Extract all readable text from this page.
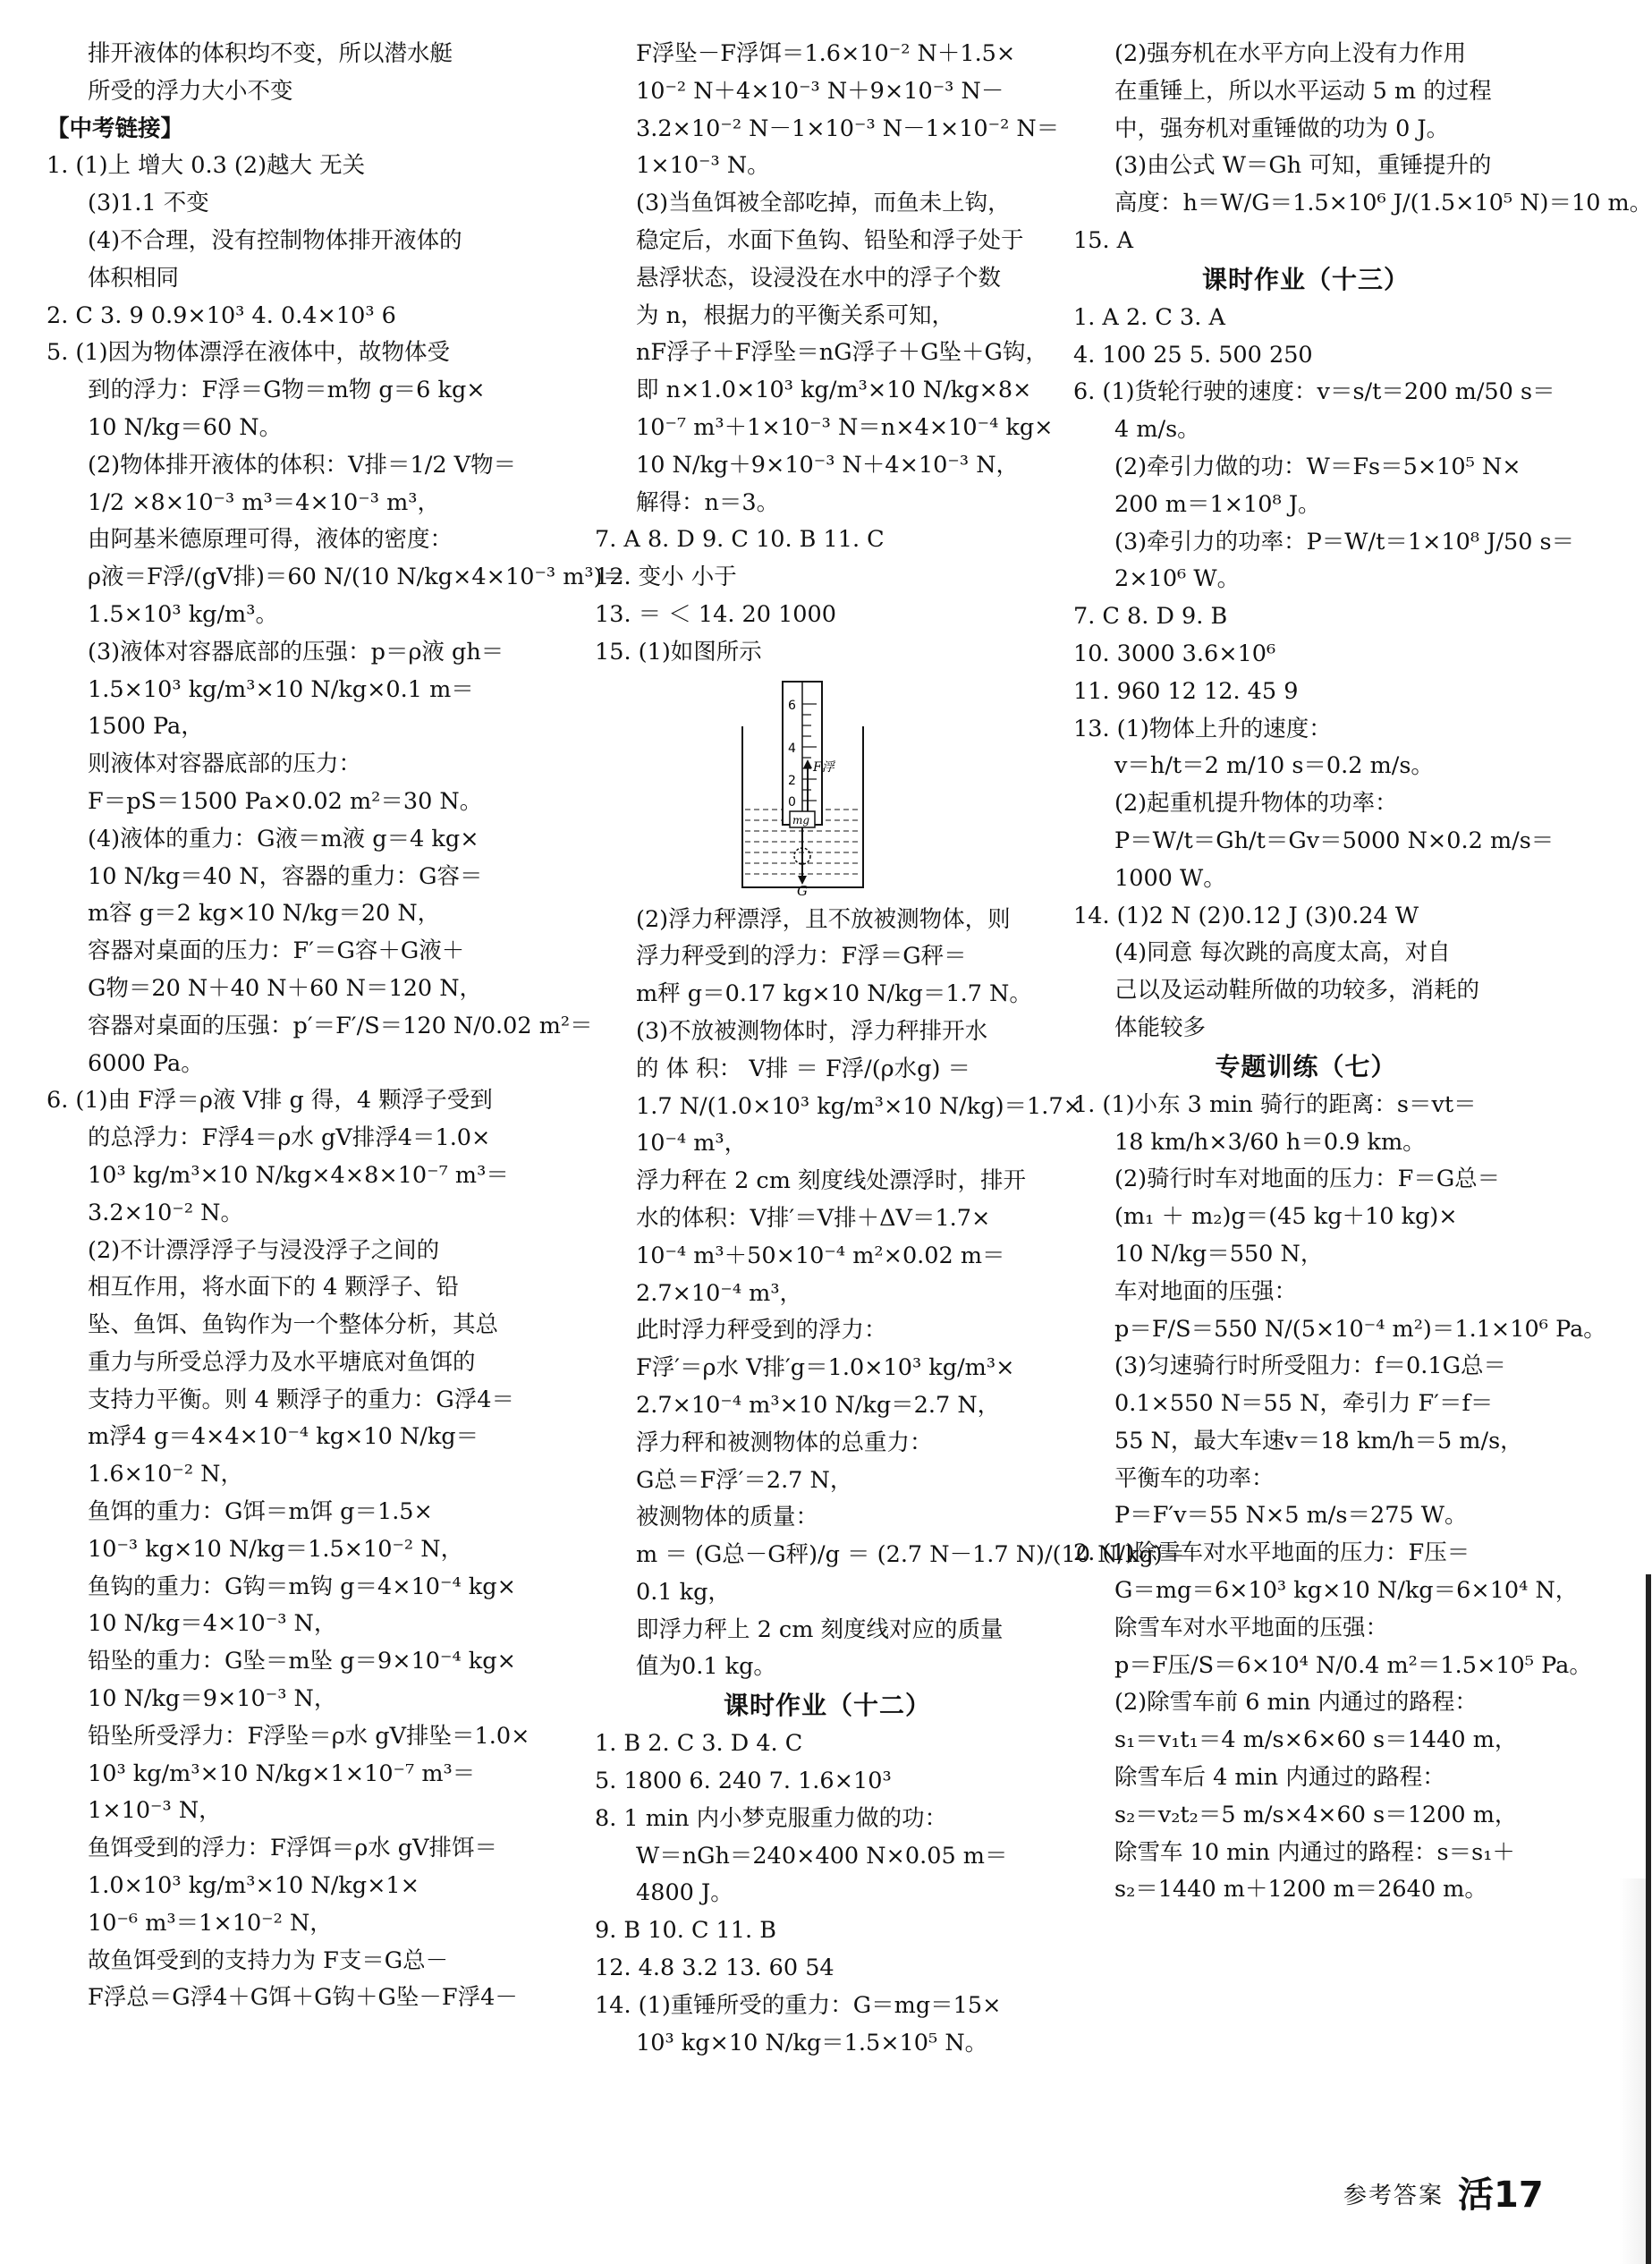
排开液体的体积均不变，所以潜水艇
所受的浮力大小不变
【中考链接】
1. (1)上 增大 0.3 (2)越大 无关
(3)1.1 不变
(4)不合理，没有控制物体排开液体的
体积相同
2. C 3. 9 0.9×10³ 4. 0.4×10³ 6
5. (1)因为物体漂浮在液体中，故物体受
到的浮力：F浮＝G物＝m物 g＝6 kg×
10 N/kg＝60 N。
(2)物体排开液体的体积：V排＝1/2 V物＝
1/2 ×8×10⁻³ m³＝4×10⁻³ m³，
由阿基米德原理可得，液体的密度：
ρ液＝F浮/(gV排)＝60 N/(10 N/kg×4×10⁻³ m³)＝
1.5×10³ kg/m³。
(3)液体对容器底部的压强：p＝ρ液 gh＝
1.5×10³ kg/m³×10 N/kg×0.1 m＝
1500 Pa，
则液体对容器底部的压力：
F＝pS＝1500 Pa×0.02 m²＝30 N。
(4)液体的重力：G液＝m液 g＝4 kg×
10 N/kg＝40 N，容器的重力：G容＝
m容 g＝2 kg×10 N/kg＝20 N，
容器对桌面的压力：F′＝G容＋G液＋
G物＝20 N＋40 N＋60 N＝120 N，
容器对桌面的压强：p′＝F′/S＝120 N/0.02 m²＝
6000 Pa。
6. (1)由 F浮＝ρ液 V排 g 得，4 颗浮子受到
的总浮力：F浮4＝ρ水 gV排浮4＝1.0×
10³ kg/m³×10 N/kg×4×8×10⁻⁷ m³＝
3.2×10⁻² N。
(2)不计漂浮浮子与浸没浮子之间的
相互作用，将水面下的 4 颗浮子、铅
坠、鱼饵、鱼钩作为一个整体分析，其总
重力与所受总浮力及水平塘底对鱼饵的
支持力平衡。则 4 颗浮子的重力：G浮4＝
m浮4 g＝4×4×10⁻⁴ kg×10 N/kg＝
1.6×10⁻² N，
鱼饵的重力：G饵＝m饵 g＝1.5×
10⁻³ kg×10 N/kg＝1.5×10⁻² N，
鱼钩的重力：G钩＝m钩 g＝4×10⁻⁴ kg×
10 N/kg＝4×10⁻³ N，
铅坠的重力：G坠＝m坠 g＝9×10⁻⁴ kg×
10 N/kg＝9×10⁻³ N，
铅坠所受浮力：F浮坠＝ρ水 gV排坠＝1.0×
10³ kg/m³×10 N/kg×1×10⁻⁷ m³＝
1×10⁻³ N，
鱼饵受到的浮力：F浮饵＝ρ水 gV排饵＝
1.0×10³ kg/m³×10 N/kg×1×
10⁻⁶ m³＝1×10⁻² N，
故鱼饵受到的支持力为 F支＝G总－
F浮总＝G浮4＋G饵＋G钩＋G坠－F浮4－
F浮坠－F浮饵＝1.6×10⁻² N＋1.5×
10⁻² N＋4×10⁻³ N＋9×10⁻³ N－
3.2×10⁻² N－1×10⁻³ N－1×10⁻² N＝
1×10⁻³ N。
(3)当鱼饵被全部吃掉，而鱼未上钩，
稳定后，水面下鱼钩、铅坠和浮子处于
悬浮状态，设浸没在水中的浮子个数
为 n，根据力的平衡关系可知，
nF浮子＋F浮坠＝nG浮子＋G坠＋G钩，
即 n×1.0×10³ kg/m³×10 N/kg×8×
10⁻⁷ m³＋1×10⁻³ N＝n×4×10⁻⁴ kg×
10 N/kg＋9×10⁻³ N＋4×10⁻³ N，
解得：n＝3。
7. A 8. D 9. C 10. B 11. C
12. 变小 小于
13. ＝ ＜ 14. 20 1000
15. (1)如图所示
6
4
2
0
F浮
mg
G
(2)浮力秤漂浮，且不放被测物体，则
浮力秤受到的浮力：F浮＝G秤＝
m秤 g＝0.17 kg×10 N/kg＝1.7 N。
(3)不放被测物体时，浮力秤排开水
的 体 积： V排 ＝ F浮/(ρ水g) ＝
1.7 N/(1.0×10³ kg/m³×10 N/kg)＝1.7×
10⁻⁴ m³，
浮力秤在 2 cm 刻度线处漂浮时，排开
水的体积：V排′＝V排＋ΔV＝1.7×
10⁻⁴ m³＋50×10⁻⁴ m²×0.02 m＝
2.7×10⁻⁴ m³，
此时浮力秤受到的浮力：
F浮′＝ρ水 V排′g＝1.0×10³ kg/m³×
2.7×10⁻⁴ m³×10 N/kg＝2.7 N，
浮力秤和被测物体的总重力：
G总＝F浮′＝2.7 N，
被测物体的质量：
m ＝ (G总－G秤)/g ＝ (2.7 N－1.7 N)/(10 N/kg)＝
0.1 kg，
即浮力秤上 2 cm 刻度线对应的质量
值为0.1 kg。
课时作业（十二）
1. B 2. C 3. D 4. C
5. 1800 6. 240 7. 1.6×10³
8. 1 min 内小梦克服重力做的功：
W＝nGh＝240×400 N×0.05 m＝
4800 J。
9. B 10. C 11. B
12. 4.8 3.2 13. 60 54
14. (1)重锤所受的重力：G＝mg＝15×
10³ kg×10 N/kg＝1.5×10⁵ N。
(2)强夯机在水平方向上没有力作用
在重锤上，所以水平运动 5 m 的过程
中，强夯机对重锤做的功为 0 J。
(3)由公式 W＝Gh 可知，重锤提升的
高度：h＝W/G＝1.5×10⁶ J/(1.5×10⁵ N)＝10 m。
15. A
课时作业（十三）
1. A 2. C 3. A
4. 100 25 5. 500 250
6. (1)货轮行驶的速度：v＝s/t＝200 m/50 s＝
4 m/s。
(2)牵引力做的功：W＝Fs＝5×10⁵ N×
200 m＝1×10⁸ J。
(3)牵引力的功率：P＝W/t＝1×10⁸ J/50 s＝
2×10⁶ W。
7. C 8. D 9. B
10. 3000 3.6×10⁶
11. 960 12 12. 45 9
13. (1)物体上升的速度：
v＝h/t＝2 m/10 s＝0.2 m/s。
(2)起重机提升物体的功率：
P＝W/t＝Gh/t＝Gv＝5000 N×0.2 m/s＝
1000 W。
14. (1)2 N (2)0.12 J (3)0.24 W
(4)同意 每次跳的高度太高，对自
己以及运动鞋所做的功较多，消耗的
体能较多
专题训练（七）
1. (1)小东 3 min 骑行的距离：s＝vt＝
18 km/h×3/60 h＝0.9 km。
(2)骑行时车对地面的压力：F＝G总＝
(m₁ ＋ m₂)g＝(45 kg＋10 kg)×
10 N/kg＝550 N，
车对地面的压强：
p＝F/S＝550 N/(5×10⁻⁴ m²)＝1.1×10⁶ Pa。
(3)匀速骑行时所受阻力：f＝0.1G总＝
0.1×550 N＝55 N，牵引力 F′＝f＝
55 N，最大车速v＝18 km/h＝5 m/s，
平衡车的功率：
P＝F′v＝55 N×5 m/s＝275 W。
2. (1)除雪车对水平地面的压力：F压＝
G＝mg＝6×10³ kg×10 N/kg＝6×10⁴ N，
除雪车对水平地面的压强：
p＝F压/S＝6×10⁴ N/0.4 m²＝1.5×10⁵ Pa。
(2)除雪车前 6 min 内通过的路程：
s₁＝v₁t₁＝4 m/s×6×60 s＝1440 m，
除雪车后 4 min 内通过的路程：
s₂＝v₂t₂＝5 m/s×4×60 s＝1200 m，
除雪车 10 min 内通过的路程：s＝s₁＋
s₂＝1440 m＋1200 m＝2640 m。
参考答案 活17
